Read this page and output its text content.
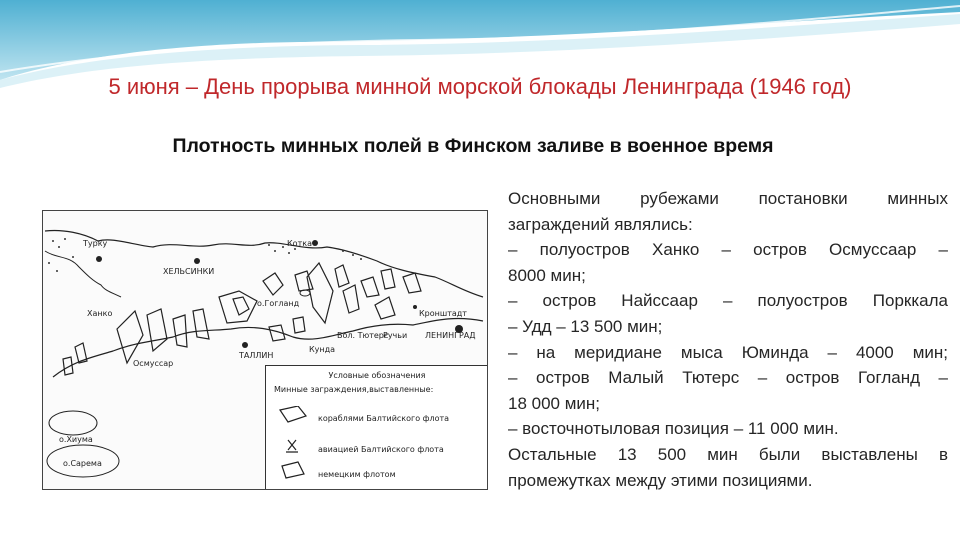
5 июня – День прорыва минной морской блокады Ленинграда (1946 год)
Плотность минных полей в Финском заливе в военное время
Турку
ХЕЛЬСИНКИ
Котка
о.Гогланд
Кронштадт
ЛЕНИНГРАД
Ханко
ТАЛЛИН
Кунда
Ручьи
Бол. Тютерс
Осмуссар
о.Хиума
о.Сарема
Условные обозначения
Минные заграждения,выставленные:
кораблями Балтийского флота
авиацией Балтийского флота
немецким флотом
Основными рубежами постановки минных
заграждений являлись:
– полуостров Ханко – остров Осмуссаар –
8000 мин;
– остров Найссаар – полуостров Порккала
– Удд – 13 500 мин;
– на меридиане мыса Юминда – 4000 мин;
– остров Малый Тютерс – остров Гогланд –
18 000 мин;
– восточнотыловая позиция – 11 000 мин.
Остальные 13 500 мин были выставлены в
промежутках между этими позициями.
